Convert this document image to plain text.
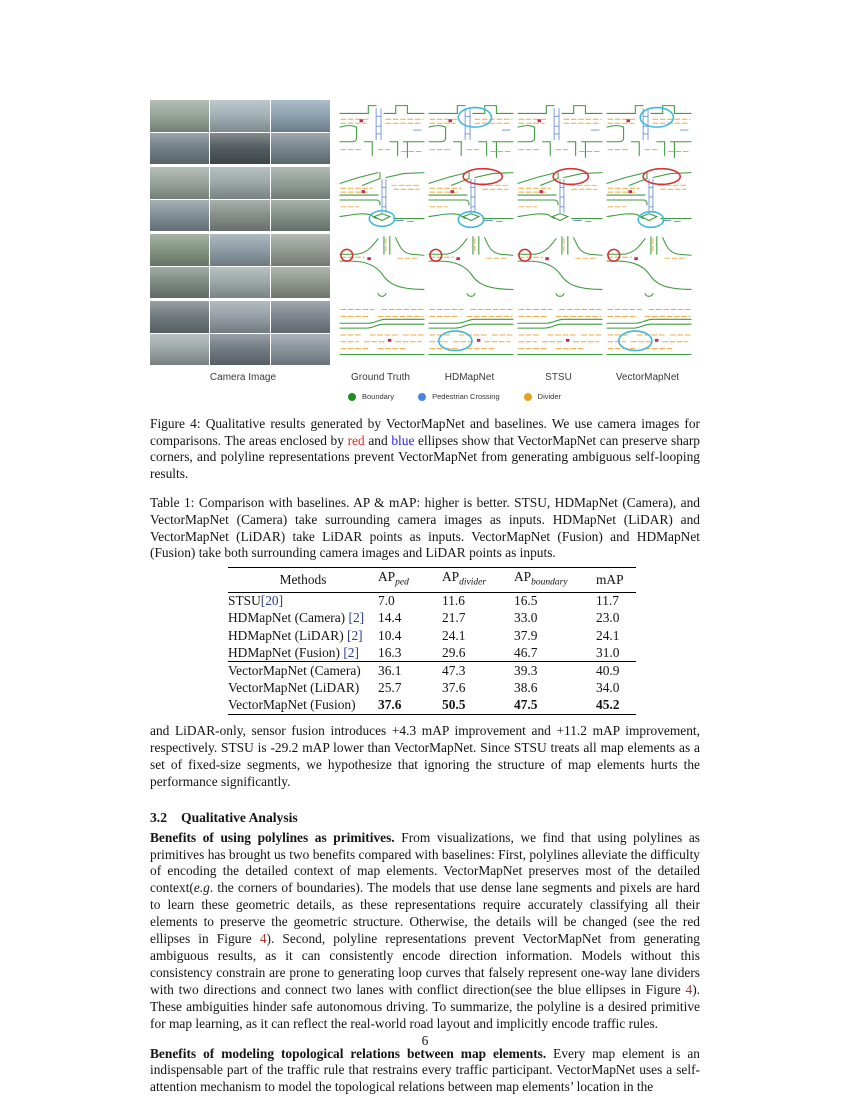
Camera Image	Ground Truth	HDMapNet	STSU	VectorMapNet
Boundary	Pedestrian Crossing	Divider
Figure 4: Qualitative results generated by VectorMapNet and baselines. We use camera images for comparisons. The areas enclosed by red and blue ellipses show that VectorMapNet can preserve sharp corners, and polyline representations prevent VectorMapNet from generating ambiguous self-looping results.
Table 1: Comparison with baselines. AP & mAP: higher is better. STSU, HDMapNet (Camera), and VectorMapNet (Camera) take surrounding camera images as inputs. HDMapNet (LiDAR) and VectorMapNet (LiDAR) take LiDAR points as inputs. VectorMapNet (Fusion) and HDMapNet (Fusion) take both surrounding camera images and LiDAR points as inputs.
Methods	$AP_{ped}$	$AP_{divider}$	$AP_{boundary}$	mAP
STSU[20]	7.0	11.6	16.5	11.7
HDMapNet (Camera) [2]	14.4	21.7	33.0	23.0
HDMapNet (LiDAR) [2]	10.4	24.1	37.9	24.1
HDMapNet (Fusion) [2]	16.3	29.6	46.7	31.0
VectorMapNet (Camera)	36.1	47.3	39.3	40.9
VectorMapNet (LiDAR)	25.7	37.6	38.6	34.0
VectorMapNet (Fusion)	37.6	50.5	47.5	45.2
and LiDAR-only, sensor fusion introduces +4.3 mAP improvement and +11.2 mAP improvement, respectively. STSU is -29.2 mAP lower than VectorMapNet. Since STSU treats all map elements as a set of fixed-size segments, we hypothesize that ignoring the structure of map elements hurts the performance significantly.
3.2 Qualitative Analysis
Benefits of using polylines as primitives. From visualizations, we find that using polylines as primitives has brought us two benefits compared with baselines: First, polylines alleviate the difficulty of encoding the detailed context of map elements. VectorMapNet preserves most of the detailed context(e.g. the corners of boundaries). The models that use dense lane segments and pixels are hard to learn these geometric details, as these representations require accurately classifying all their elements to preserve the geometric structure. Otherwise, the details will be changed (see the red ellipses in Figure 4). Second, polyline representations prevent VectorMapNet from generating ambiguous results, as it can consistently encode direction information. Models without this consistency constrain are prone to generating loop curves that falsely represent one-way lane dividers with two directions and connect two lanes with conflict direction(see the blue ellipses in Figure 4). These ambiguities hinder safe autonomous driving. To summarize, the polyline is a desired primitive for map learning, as it can reflect the real-world road layout and implicitly encode traffic rules.
Benefits of modeling topological relations between map elements. Every map element is an indispensable part of the traffic rule that restrains every traffic participant. VectorMapNet uses a self-attention mechanism to model the topological relations between map elements’ location in the
6
